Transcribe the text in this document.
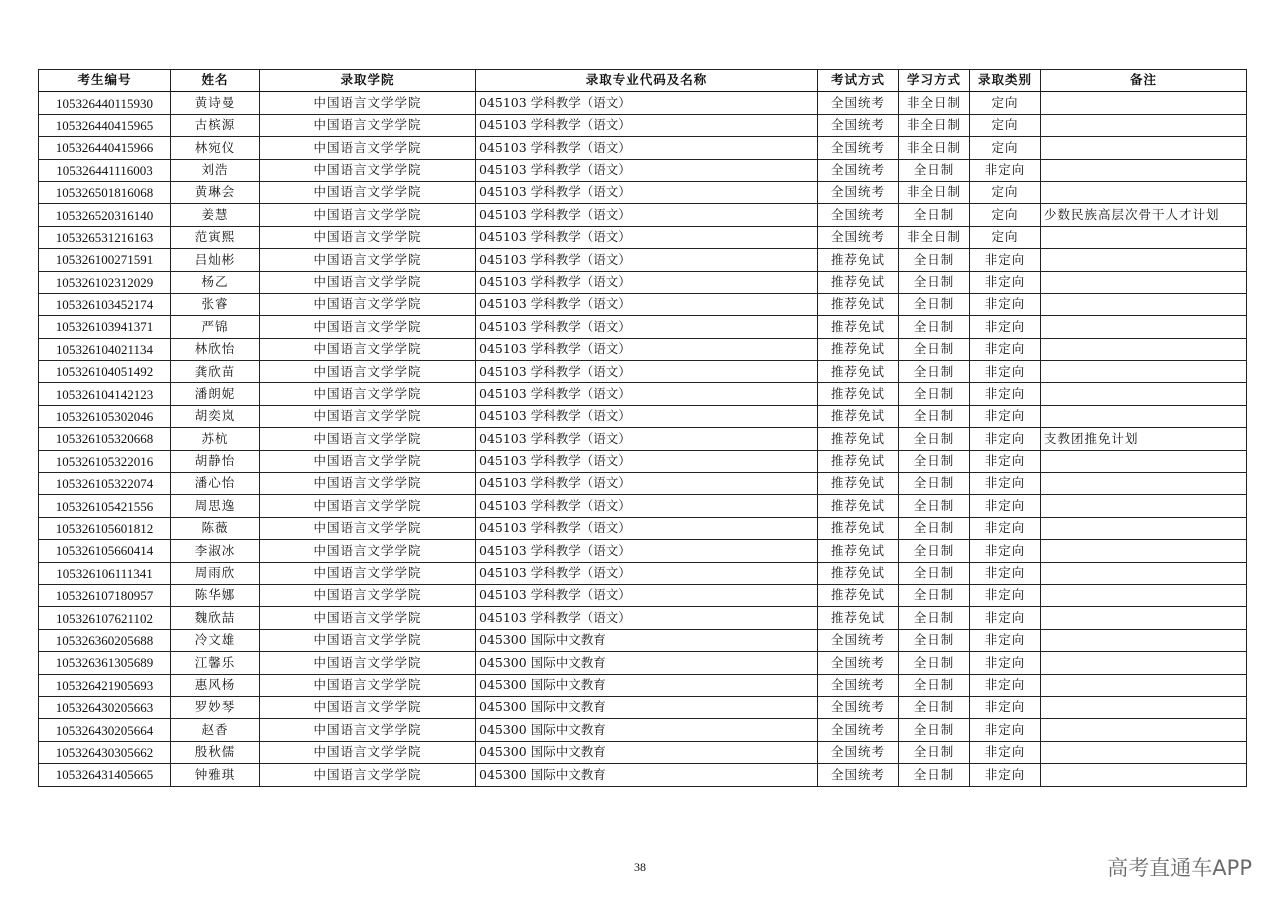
考生编号	姓名	录取学院	录取专业代码及名称	考试方式	学习方式	录取类别	备注
105326440115930	黄诗曼	中国语言文学学院	045103 学科教学（语文）	全国统考	非全日制	定向	
105326440415965	古槟源	中国语言文学学院	045103 学科教学（语文）	全国统考	非全日制	定向	
105326440415966	林宛仪	中国语言文学学院	045103 学科教学（语文）	全国统考	非全日制	定向	
105326441116003	刘浩	中国语言文学学院	045103 学科教学（语文）	全国统考	全日制	非定向	
105326501816068	黄琳会	中国语言文学学院	045103 学科教学（语文）	全国统考	非全日制	定向	
105326520316140	姜慧	中国语言文学学院	045103 学科教学（语文）	全国统考	全日制	定向	少数民族高层次骨干人才计划
105326531216163	范寅熙	中国语言文学学院	045103 学科教学（语文）	全国统考	非全日制	定向	
105326100271591	吕灿彬	中国语言文学学院	045103 学科教学（语文）	推荐免试	全日制	非定向	
105326102312029	杨乙	中国语言文学学院	045103 学科教学（语文）	推荐免试	全日制	非定向	
105326103452174	张睿	中国语言文学学院	045103 学科教学（语文）	推荐免试	全日制	非定向	
105326103941371	严锦	中国语言文学学院	045103 学科教学（语文）	推荐免试	全日制	非定向	
105326104021134	林欣怡	中国语言文学学院	045103 学科教学（语文）	推荐免试	全日制	非定向	
105326104051492	龚欣苗	中国语言文学学院	045103 学科教学（语文）	推荐免试	全日制	非定向	
105326104142123	潘朗妮	中国语言文学学院	045103 学科教学（语文）	推荐免试	全日制	非定向	
105326105302046	胡奕岚	中国语言文学学院	045103 学科教学（语文）	推荐免试	全日制	非定向	
105326105320668	苏杭	中国语言文学学院	045103 学科教学（语文）	推荐免试	全日制	非定向	支教团推免计划
105326105322016	胡静怡	中国语言文学学院	045103 学科教学（语文）	推荐免试	全日制	非定向	
105326105322074	潘心怡	中国语言文学学院	045103 学科教学（语文）	推荐免试	全日制	非定向	
105326105421556	周思逸	中国语言文学学院	045103 学科教学（语文）	推荐免试	全日制	非定向	
105326105601812	陈薇	中国语言文学学院	045103 学科教学（语文）	推荐免试	全日制	非定向	
105326105660414	李淑冰	中国语言文学学院	045103 学科教学（语文）	推荐免试	全日制	非定向	
105326106111341	周雨欣	中国语言文学学院	045103 学科教学（语文）	推荐免试	全日制	非定向	
105326107180957	陈华娜	中国语言文学学院	045103 学科教学（语文）	推荐免试	全日制	非定向	
105326107621102	魏欣喆	中国语言文学学院	045103 学科教学（语文）	推荐免试	全日制	非定向	
105326360205688	冷文雄	中国语言文学学院	045300 国际中文教育	全国统考	全日制	非定向	
105326361305689	江馨乐	中国语言文学学院	045300 国际中文教育	全国统考	全日制	非定向	
105326421905693	惠风杨	中国语言文学学院	045300 国际中文教育	全国统考	全日制	非定向	
105326430205663	罗妙琴	中国语言文学学院	045300 国际中文教育	全国统考	全日制	非定向	
105326430205664	赵香	中国语言文学学院	045300 国际中文教育	全国统考	全日制	非定向	
105326430305662	殷秋儒	中国语言文学学院	045300 国际中文教育	全国统考	全日制	非定向	
105326431405665	钟雅琪	中国语言文学学院	045300 国际中文教育	全国统考	全日制	非定向	
38	高考直通车APP
